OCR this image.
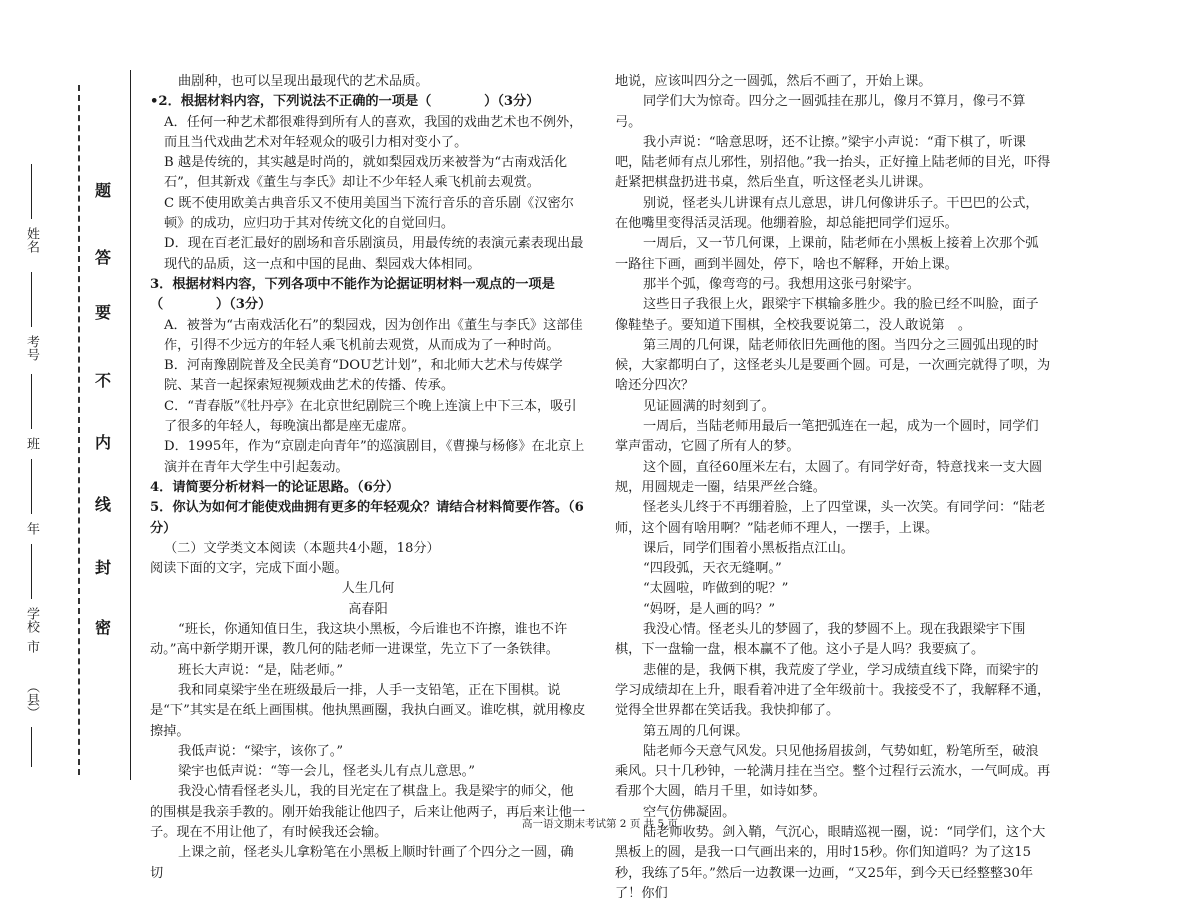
姓名
考号
班
年
学校
市
（县）
题
答
要
不
内
线
封
密

曲剧种，也可以呈现出最现代的艺术品质。

•2．根据材料内容，下列说法不正确的一项是（　　　　）（3分）

A．任何一种艺术都很难得到所有人的喜欢，我国的戏曲艺术也不例外，而且当代戏曲艺术对年轻观众的吸引力相对变小了。

B 越是传统的，其实越是时尚的，就如梨园戏历来被誉为“古南戏活化石”，但其新戏《董生与李氏》却让不少年轻人乘飞机前去观赏。

C 既不使用欧美古典音乐又不使用美国当下流行音乐的音乐剧《汉密尔顿》的成功，应归功于其对传统文化的自觉回归。

D．现在百老汇最好的剧场和音乐剧演员，用最传统的表演元素表现出最现代的品质，这一点和中国的昆曲、梨园戏大体相同。

3．根据材料内容，下列各项中不能作为论据证明材料一观点的一项是（　　　　）（3分）

A．被誉为“古南戏活化石”的梨园戏，因为创作出《董生与李氏》这部佳作，引得不少远方的年轻人乘飞机前去观赏，从而成为了一种时尚。

B．河南豫剧院普及全民美育“DOU艺计划”，和北师大艺术与传媒学院、某音一起探索短视频戏曲艺术的传播、传承。

C．“青春版”《牡丹亭》在北京世纪剧院三个晚上连演上中下三本，吸引了很多的年轻人，每晚演出都是座无虚席。

D．1995年，作为“京剧走向青年”的巡演剧目，《曹操与杨修》在北京上演并在青年大学生中引起轰动。

4．请简要分析材料一的论证思路。（6分）

5．你认为如何才能使戏曲拥有更多的年轻观众？请结合材料简要作答。（6分）

（二）文学类文本阅读（本题共4小题，18分）

阅读下面的文字，完成下面小题。

人生几何

高春阳

“班长，你通知值日生，我这块小黑板，今后谁也不许擦，谁也不许动。”高中新学期开课，教几何的陆老师一进课堂，先立下了一条铁律。

班长大声说：“是，陆老师。”

我和同桌梁宇坐在班级最后一排，人手一支铅笔，正在下围棋。说是“下”其实是在纸上画围棋。他执黑画圈，我执白画叉。谁吃棋，就用橡皮擦掉。

我低声说：“梁宇，该你了。”

梁宇也低声说：“等一会儿，怪老头儿有点儿意思。”

我没心情看怪老头儿，我的目光定在了棋盘上。我是梁宇的师父，他的围棋是我亲手教的。刚开始我能让他四子，后来让他两子，再后来让他一子。现在不用让他了，有时候我还会输。

上课之前，怪老头儿拿粉笔在小黑板上顺时针画了个四分之一圆，确切

地说，应该叫四分之一圆弧，然后不画了，开始上课。

同学们大为惊奇。四分之一圆弧挂在那儿，像月不算月，像弓不算弓。

我小声说：“啥意思呀，还不让擦。”梁宇小声说：“甭下棋了，听课吧，陆老师有点儿邪性，别招他。”我一抬头，正好撞上陆老师的目光，吓得赶紧把棋盘扔进书桌，然后坐直，听这怪老头儿讲课。

别说，怪老头儿讲课有点儿意思，讲几何像讲乐子。干巴巴的公式，在他嘴里变得活灵活现。他绷着脸，却总能把同学们逗乐。

一周后，又一节几何课，上课前，陆老师在小黑板上接着上次那个弧一路往下画，画到半圆处，停下，啥也不解释，开始上课。

那半个弧，像弯弯的弓。我想用这张弓射梁宇。

这些日子我很上火，跟梁宇下棋输多胜少。我的脸已经不叫脸，面子像鞋垫子。要知道下围棋，全校我要说第二，没人敢说第　。

第三周的几何课，陆老师依旧先画他的图。当四分之三圆弧出现的时候，大家都明白了，这怪老头儿是要画个圆。可是，一次画完就得了呗，为啥还分四次？

见证圆满的时刻到了。

一周后，当陆老师用最后一笔把弧连在一起，成为一个圆时，同学们掌声雷动，它圆了所有人的梦。

这个圆，直径60厘米左右，太圆了。有同学好奇，特意找来一支大圆规，用圆规走一圈，结果严丝合缝。

怪老头儿终于不再绷着脸，上了四堂课，头一次笑。有同学问：“陆老师，这个圆有啥用啊？”陆老师不理人，一摆手，上课。

课后，同学们围着小黑板指点江山。

“四段弧，天衣无缝啊。”

“太圆啦，咋做到的呢？”

“妈呀，是人画的吗？”

我没心情。怪老头儿的梦圆了，我的梦圆不上。现在我跟梁宇下围棋，下一盘输一盘，根本赢不了他。这小子是人吗？我要疯了。

悲催的是，我俩下棋，我荒废了学业，学习成绩直线下降，而梁宇的学习成绩却在上升，眼看着冲进了全年级前十。我接受不了，我解释不通，觉得全世界都在笑话我。我快抑郁了。

第五周的几何课。

陆老师今天意气风发。只见他扬眉拔剑，气势如虹，粉笔所至，破浪乘风。只十几秒钟，一轮满月挂在当空。整个过程行云流水，一气呵成。再看那个大圆，皓月千里，如诗如梦。

空气仿佛凝固。

陆老师收势。剑入鞘，气沉心，眼睛巡视一圈，说：“同学们，这个大黑板上的圆，是我一口气画出来的，用时15秒。你们知道吗？为了这15秒，我练了5年。”然后一边教课一边画，“又25年，到今天已经整整30年了！你们

高一语文期末考试第 2 页 共 5 页
